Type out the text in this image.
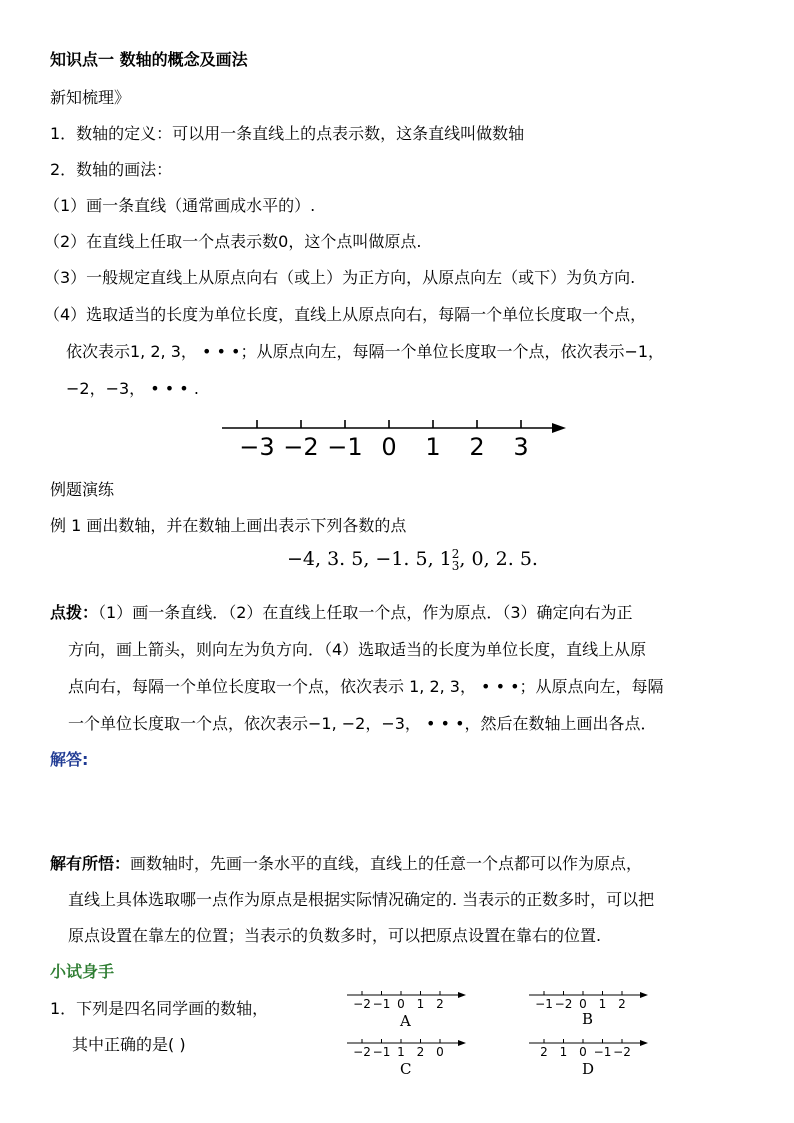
知识点一 数轴的概念及画法
新知梳理》
1．数轴的定义：可以用一条直线上的点表示数，这条直线叫做数轴
2．数轴的画法：
（1）画一条直线（通常画成水平的）.
（2）在直线上任取一个点表示数0，这个点叫做原点.
（3）一般规定直线上从原点向右（或上）为正方向，从原点向左（或下）为负方向.
（4）选取适当的长度为单位长度，直线上从原点向右，每隔一个单位长度取一个点，
依次表示1, 2, 3， • • •；从原点向左，每隔一个单位长度取一个点，依次表示−1，
−2，−3， • • • .
−3 −2 −1 0 1 2 3
例题演练
例 1 画出数轴，并在数轴上画出表示下列各数的点
−4, 3. 5, −1. 5, 1 2
3 , 0, 2. 5.
点拨：（1）画一条直线．（2）在直线上任取一个点，作为原点．（3）确定向右为正
方向，画上箭头，则向左为负方向．（4）选取适当的长度为单位长度，直线上从原
点向右，每隔一个单位长度取一个点，依次表示 1, 2, 3， • • •；从原点向左，每隔
一个单位长度取一个点，依次表示−1, −2，−3， • • •，然后在数轴上画出各点．
解答:
解有所悟：画数轴时，先画一条水平的直线，直线上的任意一个点都可以作为原点，
直线上具体选取哪一点作为原点是根据实际情况确定的. 当表示的正数多时，可以把
原点设置在靠左的位置；当表示的负数多时，可以把原点设置在靠右的位置.
小试身手
1．下列是四名同学画的数轴，
其中正确的是( )
−2 −1 0 1 2
A
−1 −2 0 1 2
B
−2 −1 1 2 0
C
2 1 0 −1 −2
D
